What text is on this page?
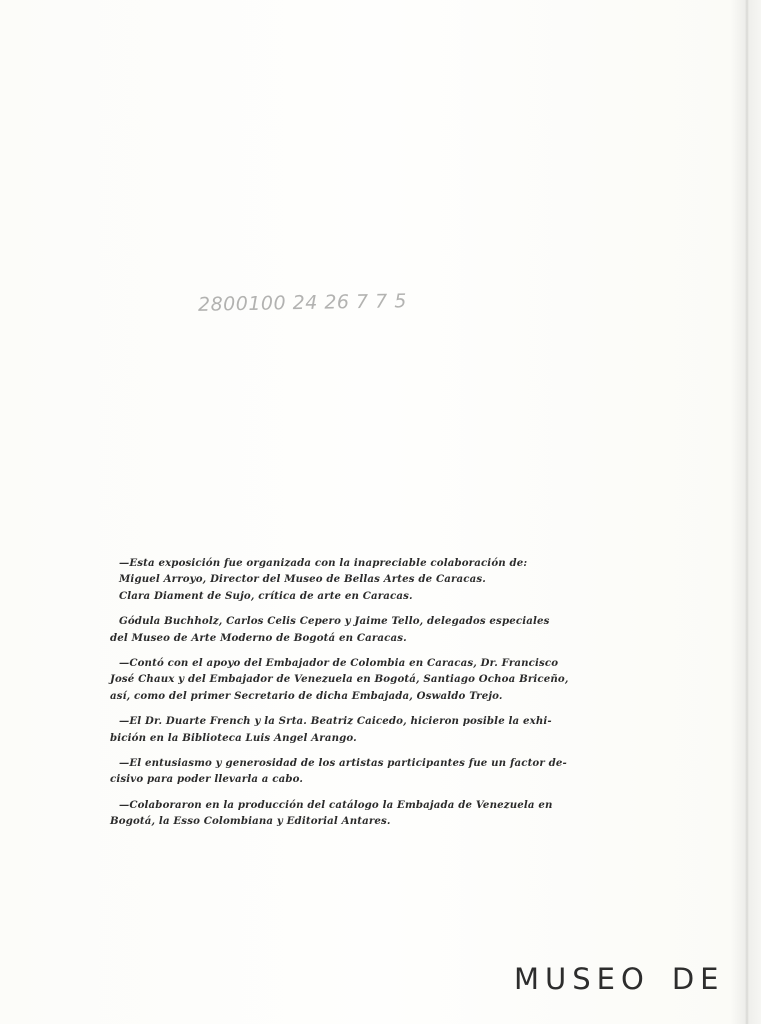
2800100 24 26 7 7 5

—Esta exposición fue organizada con la inapreciable colaboración de:
Miguel Arroyo, Director del Museo de Bellas Artes de Caracas.
Clara Diament de Sujo, crítica de arte en Caracas.

Gódula Buchholz, Carlos Celis Cepero y Jaime Tello, delegados especiales
del Museo de Arte Moderno de Bogotá en Caracas.

—Contó con el apoyo del Embajador de Colombia en Caracas, Dr. Francisco
José Chaux y del Embajador de Venezuela en Bogotá, Santiago Ochoa Briceño,
así, como del primer Secretario de dicha Embajada, Oswaldo Trejo.

—El Dr. Duarte French y la Srta. Beatriz Caicedo, hicieron posible la exhi-
bición en la Biblioteca Luis Angel Arango.

—El entusiasmo y generosidad de los artistas participantes fue un factor de-
cisivo para poder llevarla a cabo.

—Colaboraron en la producción del catálogo la Embajada de Venezuela en
Bogotá, la Esso Colombiana y Editorial Antares.

MUSEO DE
